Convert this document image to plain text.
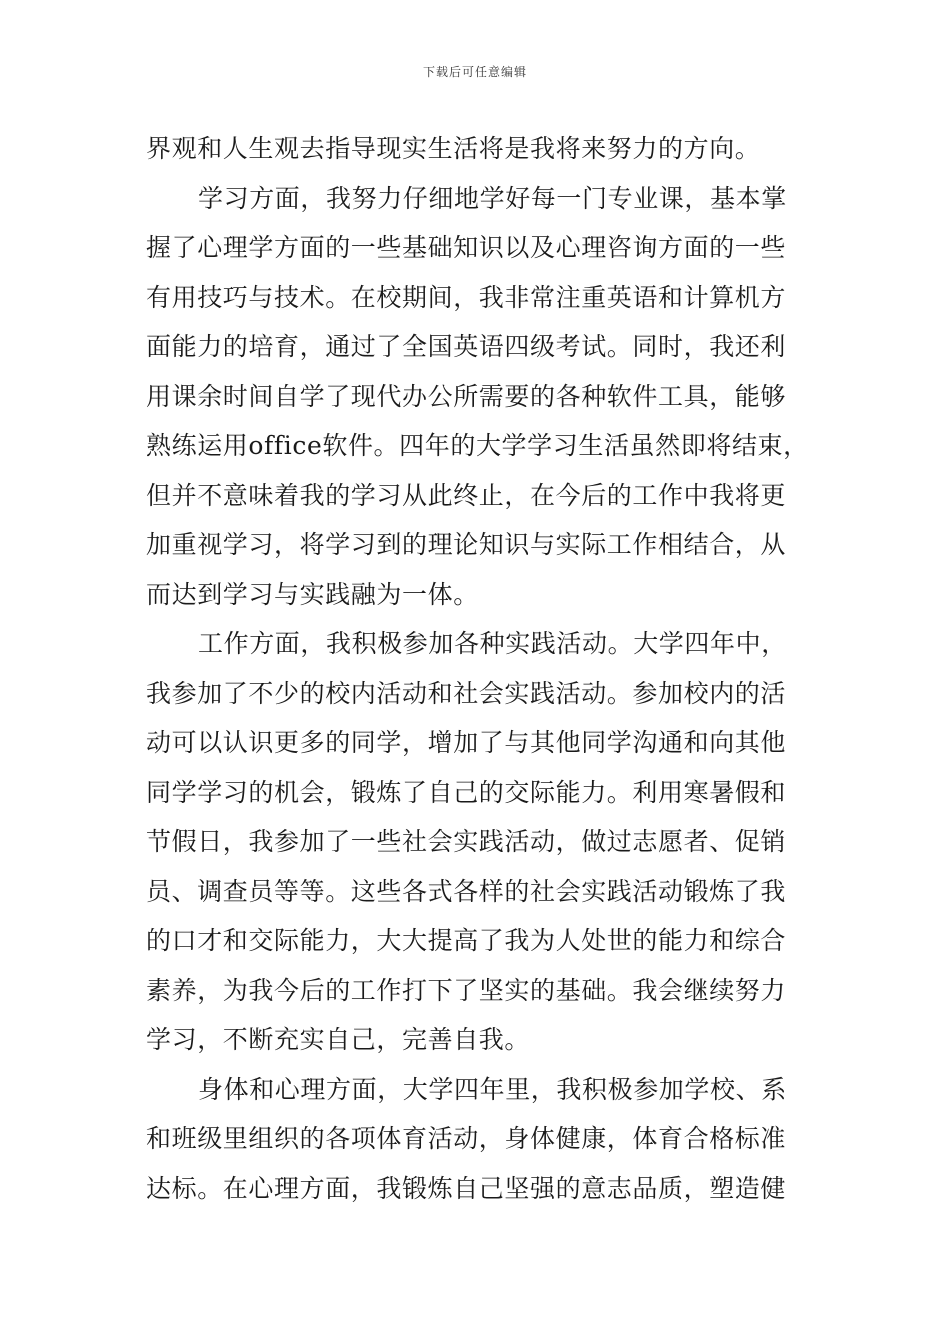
下载后可任意编辑
界观和人生观去指导现实生活将是我将来努力的方向。
学习方面，我努力仔细地学好每一门专业课，基本掌
握了心理学方面的一些基础知识以及心理咨询方面的一些
有用技巧与技术。在校期间，我非常注重英语和计算机方
面能力的培育，通过了全国英语四级考试。同时，我还利
用课余时间自学了现代办公所需要的各种软件工具，能够
熟练运用office软件。四年的大学学习生活虽然即将结束，
但并不意味着我的学习从此终止，在今后的工作中我将更
加重视学习，将学习到的理论知识与实际工作相结合，从
而达到学习与实践融为一体。
工作方面，我积极参加各种实践活动。大学四年中，
我参加了不少的校内活动和社会实践活动。参加校内的活
动可以认识更多的同学，增加了与其他同学沟通和向其他
同学学习的机会，锻炼了自己的交际能力。利用寒暑假和
节假日，我参加了一些社会实践活动，做过志愿者、促销
员、调查员等等。这些各式各样的社会实践活动锻炼了我
的口才和交际能力，大大提高了我为人处世的能力和综合
素养，为我今后的工作打下了坚实的基础。我会继续努力
学习，不断充实自己，完善自我。
身体和心理方面，大学四年里，我积极参加学校、系
和班级里组织的各项体育活动，身体健康，体育合格标准
达标。在心理方面，我锻炼自己坚强的意志品质，塑造健
